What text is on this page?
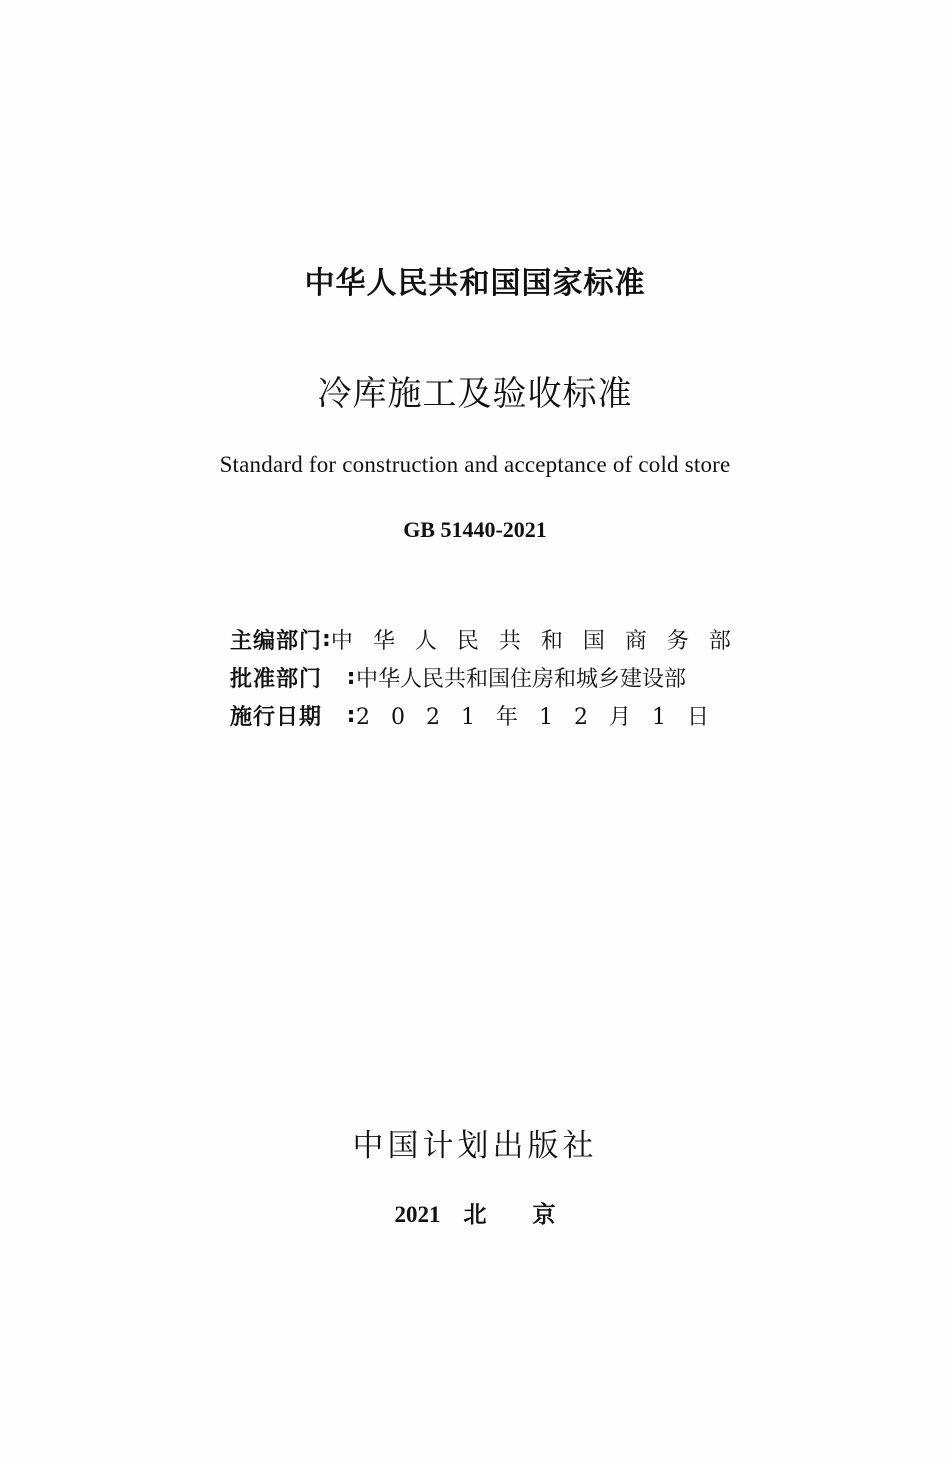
中华人民共和国国家标准
冷库施工及验收标准
Standard for construction and acceptance of cold store
GB 51440-2021
主编部门 : 中华人民共和国商务部
批准部门	: 中华人民共和国住房和城乡建设部
施行日期	: 2021年12月1日
中国计划出版社
2021　北　　京
